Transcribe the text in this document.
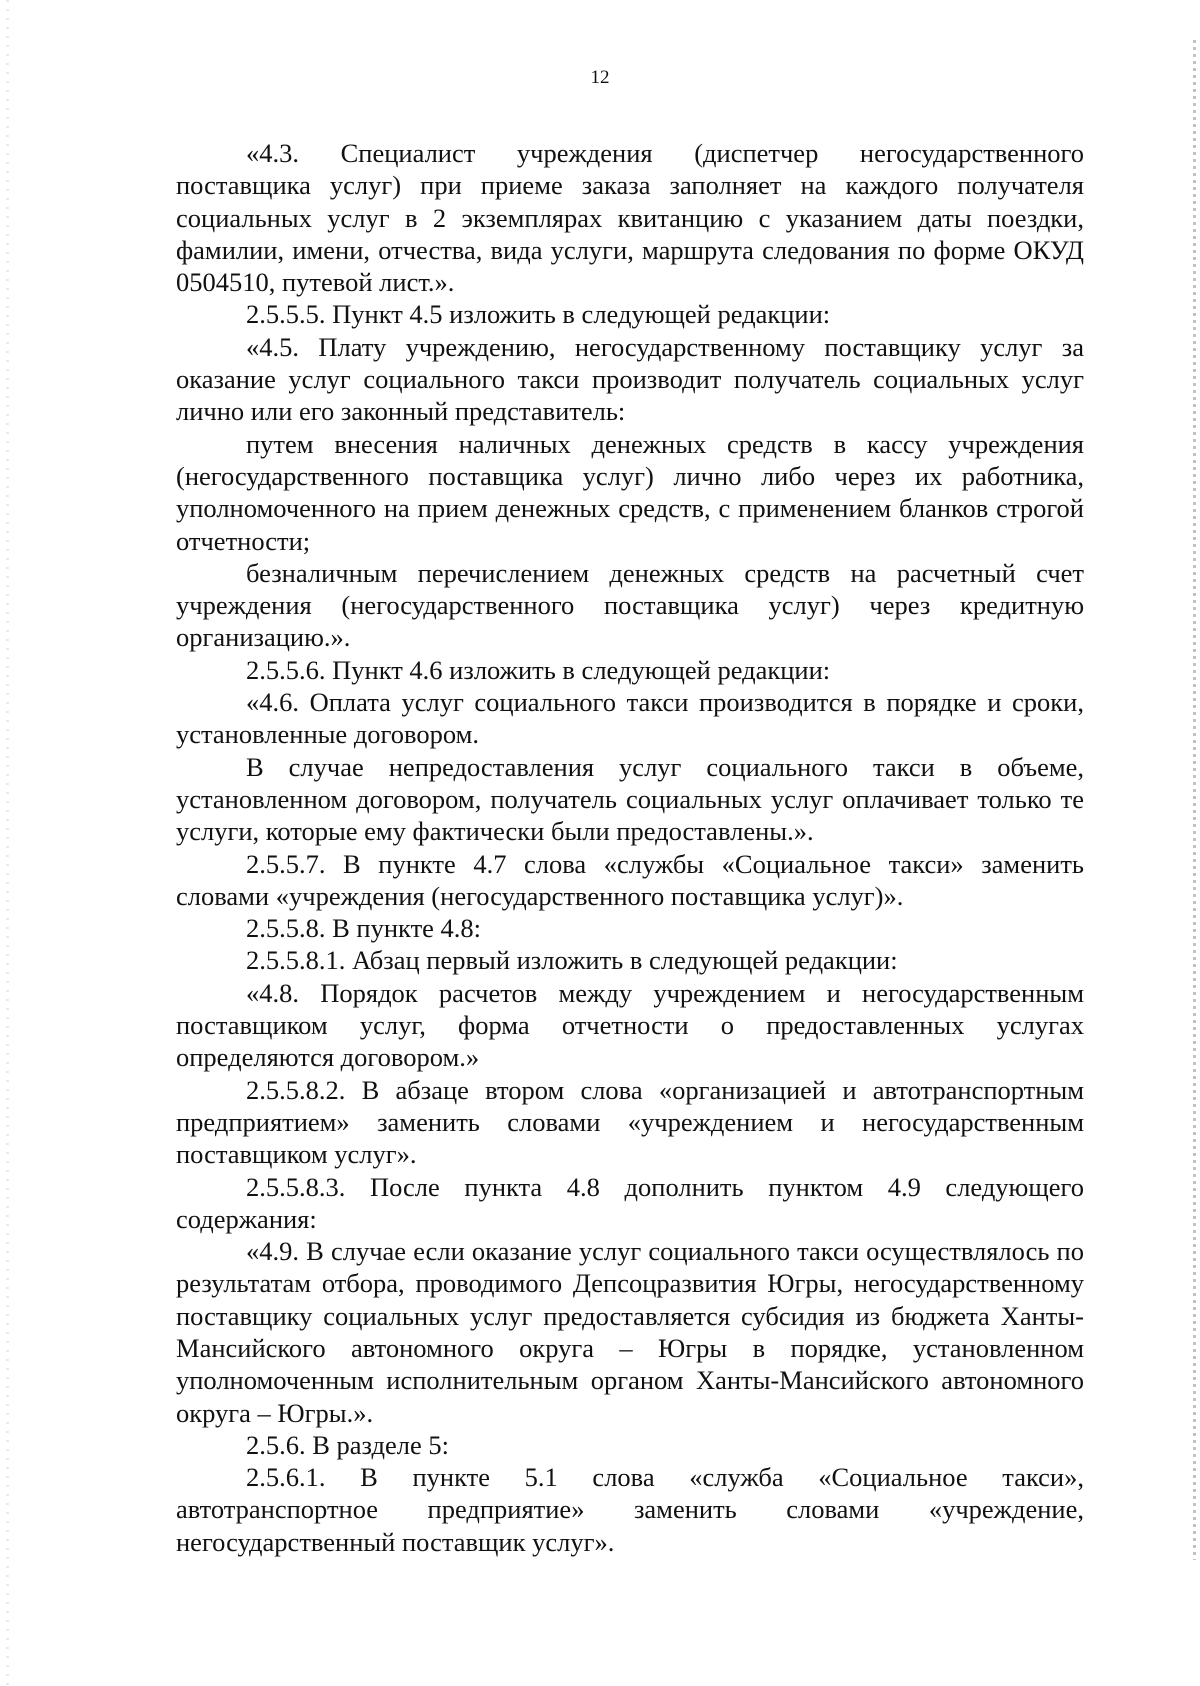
12

«4.3. Специалист учреждения (диспетчер негосударственного поставщика услуг) при приеме заказа заполняет на каждого получателя социальных услуг в 2 экземплярах квитанцию с указанием даты поездки, фамилии, имени, отчества, вида услуги, маршрута следования по форме ОКУД 0504510, путевой лист.».

2.5.5.5. Пункт 4.5 изложить в следующей редакции:

«4.5. Плату учреждению, негосударственному поставщику услуг за оказание услуг социального такси производит получатель социальных услуг лично или его законный представитель:

путем внесения наличных денежных средств в кассу учреждения (негосударственного поставщика услуг) лично либо через их работника, уполномоченного на прием денежных средств, с применением бланков строгой отчетности;

безналичным перечислением денежных средств на расчетный счет учреждения (негосударственного поставщика услуг) через кредитную организацию.».

2.5.5.6. Пункт 4.6 изложить в следующей редакции:

«4.6. Оплата услуг социального такси производится в порядке и сроки, установленные договором.

В случае непредоставления услуг социального такси в объеме, установленном договором, получатель социальных услуг оплачивает только те услуги, которые ему фактически были предоставлены.».

2.5.5.7. В пункте 4.7 слова «службы «Социальное такси» заменить словами «учреждения (негосударственного поставщика услуг)».

2.5.5.8. В пункте 4.8:

2.5.5.8.1. Абзац первый изложить в следующей редакции:

«4.8. Порядок расчетов между учреждением и негосударственным поставщиком услуг, форма отчетности о предоставленных услугах определяются договором.»

2.5.5.8.2. В абзаце втором слова «организацией и автотранспортным предприятием» заменить словами «учреждением и негосударственным поставщиком услуг».

2.5.5.8.3. После пункта 4.8 дополнить пунктом 4.9 следующего содержания:

«4.9. В случае если оказание услуг социального такси осуществлялось по результатам отбора, проводимого Депсоцразвития Югры, негосударственному поставщику социальных услуг предоставляется субсидия из бюджета Ханты-Мансийского автономного округа – Югры в порядке, установленном уполномоченным исполнительным органом Ханты-Мансийского автономного округа – Югры.».

2.5.6. В разделе 5:

2.5.6.1. В пункте 5.1 слова «служба «Социальное такси», автотранспортное предприятие» заменить словами «учреждение, негосударственный поставщик услуг».
